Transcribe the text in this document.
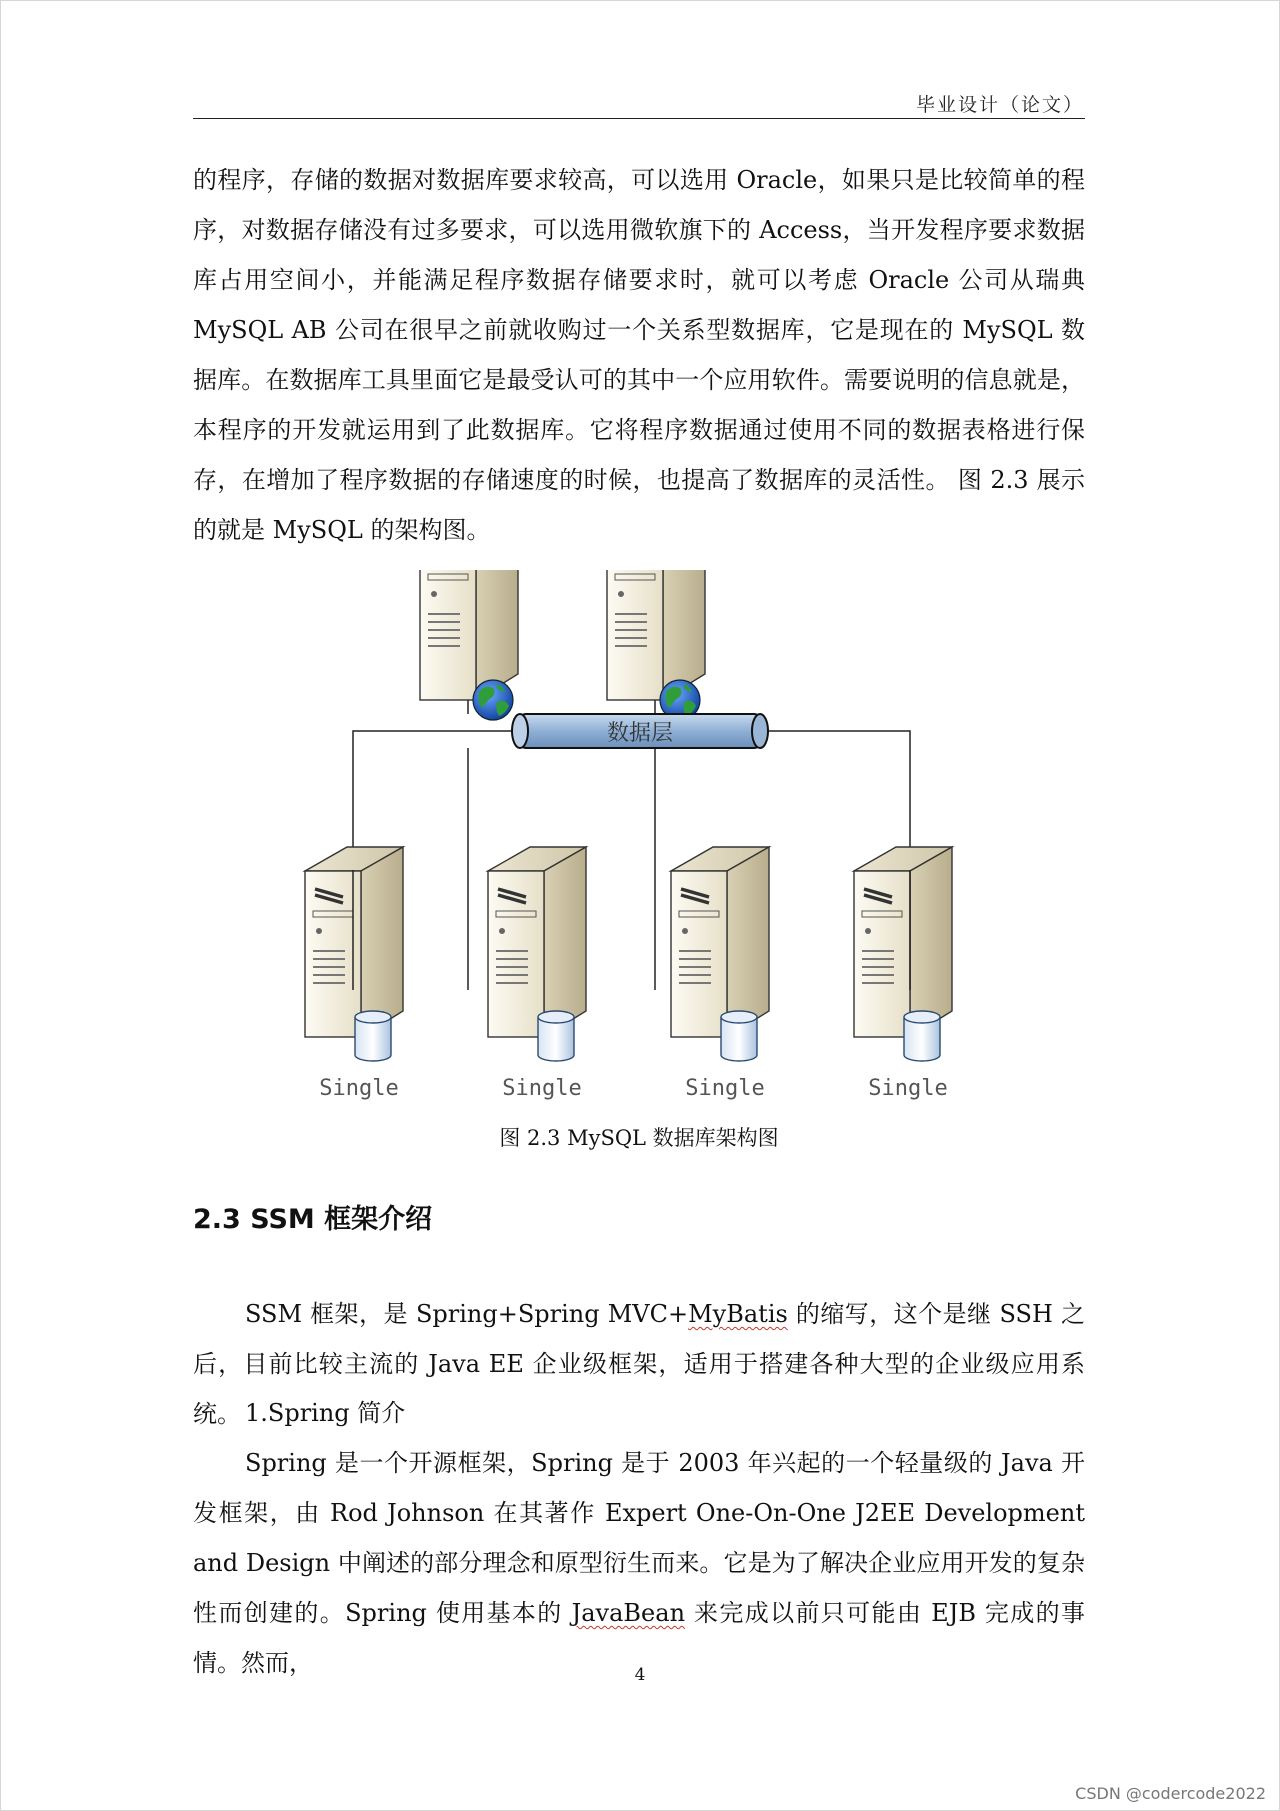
毕业设计（论文）

的程序，存储的数据对数据库要求较高，可以选用 Oracle，如果只是比较简单的程序，对数据存储没有过多要求，可以选用微软旗下的 Access，当开发程序要求数据库占用空间小，并能满足程序数据存储要求时，就可以考虑 Oracle 公司从瑞典 MySQL AB 公司在很早之前就收购过一个关系型数据库，它是现在的 MySQL 数据库。在数据库工具里面它是最受认可的其中一个应用软件。需要说明的信息就是，本程序的开发就运用到了此数据库。它将程序数据通过使用不同的数据表格进行保存，在增加了程序数据的存储速度的时候，也提高了数据库的灵活性。 图 2.3 展示的就是 MySQL 的架构图。

数据层
Single	Single	Single	Single
图 2.3 MySQL 数据库架构图
2.3 SSM 框架介绍

SSM 框架，是 Spring+Spring MVC+MyBatis 的缩写，这个是继 SSH 之后，目前比较主流的 Java EE 企业级框架，适用于搭建各种大型的企业级应用系统。 1.Spring 简介

Spring 是一个开源框架，Spring 是于 2003 年兴起的一个轻量级的 Java 开发框架，由 Rod Johnson 在其著作 Expert One-On-One J2EE Development and Design 中阐述的部分理念和原型衍生而来。它是为了解决企业应用开发的复杂性而创建的。Spring 使用基本的 JavaBean 来完成以前只可能由 EJB 完成的事情。然而，	4
CSDN @codercode2022
